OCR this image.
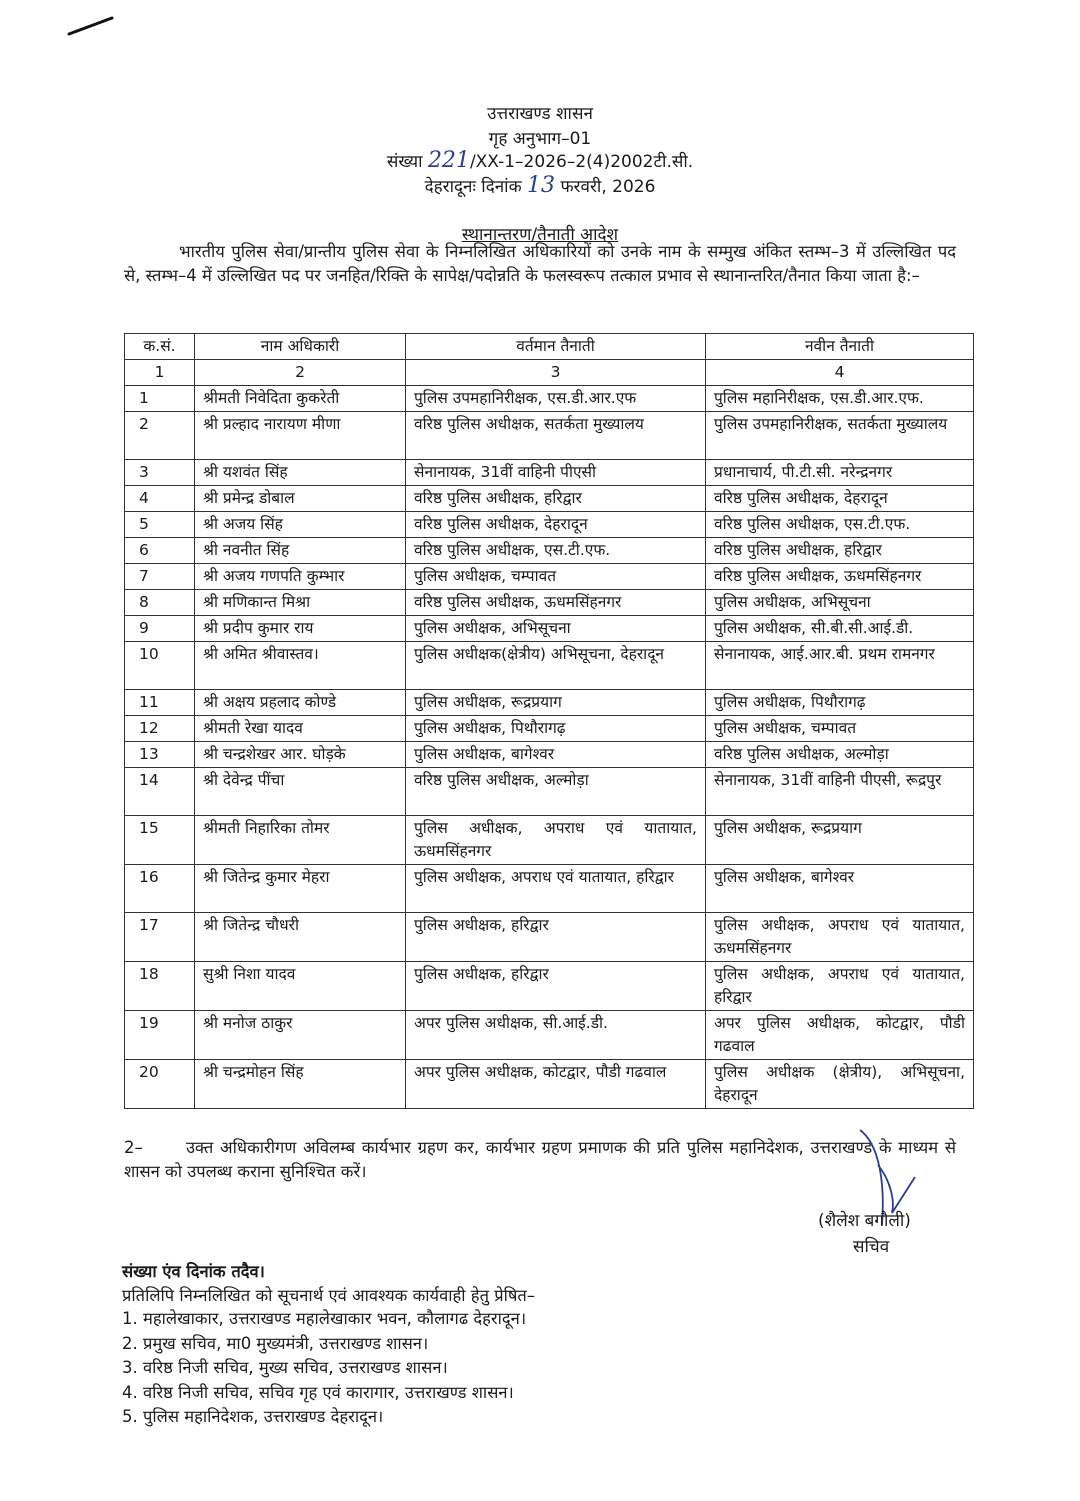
उत्तराखण्ड शासन
गृह अनुभाग–01
संख्या 221/XX-1–2026–2(4)2002टी.सी.
देहरादूनः दिनांक 13 फरवरी, 2026
स्थानान्तरण/तैनाती आदेश
भारतीय पुलिस सेवा/प्रान्तीय पुलिस सेवा के निम्नलिखित अधिकारियों को उनके नाम के सम्मुख अंकित स्तम्भ–3 में उल्लिखित पद से, स्तम्भ–4 में उल्लिखित पद पर जनहित/रिक्ति के सापेक्ष/पदोन्नति के फलस्वरूप तत्काल प्रभाव से स्थानान्तरित/तैनात किया जाता है:–
क.सं.	नाम अधिकारी	वर्तमान तैनाती	नवीन तैनाती
1	2	3	4
1	श्रीमती निवेदिता कुकरेती	पुलिस उपमहानिरीक्षक, एस.डी.आर.एफ	पुलिस महानिरीक्षक, एस.डी.आर.एफ.
2	श्री प्रल्हाद नारायण मीणा	वरिष्ठ पुलिस अधीक्षक, सतर्कता मुख्यालय	पुलिस उपमहानिरीक्षक, सतर्कता मुख्यालय
3	श्री यशवंत सिंह	सेनानायक, 31वीं वाहिनी पीएसी	प्रधानाचार्य, पी.टी.सी. नरेन्द्रनगर
4	श्री प्रमेन्द्र डोबाल	वरिष्ठ पुलिस अधीक्षक, हरिद्वार	वरिष्ठ पुलिस अधीक्षक, देहरादून
5	श्री अजय सिंह	वरिष्ठ पुलिस अधीक्षक, देहरादून	वरिष्ठ पुलिस अधीक्षक, एस.टी.एफ.
6	श्री नवनीत सिंह	वरिष्ठ पुलिस अधीक्षक, एस.टी.एफ.	वरिष्ठ पुलिस अधीक्षक, हरिद्वार
7	श्री अजय गणपति कुम्भार	पुलिस अधीक्षक, चम्पावत	वरिष्ठ पुलिस अधीक्षक, ऊधमसिंहनगर
8	श्री मणिकान्त मिश्रा	वरिष्ठ पुलिस अधीक्षक, ऊधमसिंहनगर	पुलिस अधीक्षक, अभिसूचना
9	श्री प्रदीप कुमार राय	पुलिस अधीक्षक, अभिसूचना	पुलिस अधीक्षक, सी.बी.सी.आई.डी.
10	श्री अमित श्रीवास्तव।	पुलिस अधीक्षक(क्षेत्रीय) अभिसूचना, देहरादून	सेनानायक, आई.आर.बी. प्रथम रामनगर
11	श्री अक्षय प्रहलाद कोण्डे	पुलिस अधीक्षक, रूद्रप्रयाग	पुलिस अधीक्षक, पिथौरागढ़
12	श्रीमती रेखा यादव	पुलिस अधीक्षक, पिथौरागढ़	पुलिस अधीक्षक, चम्पावत
13	श्री चन्द्रशेखर आर. घोड़के	पुलिस अधीक्षक, बागेश्वर	वरिष्ठ पुलिस अधीक्षक, अल्मोड़ा
14	श्री देवेन्द्र पींचा	वरिष्ठ पुलिस अधीक्षक, अल्मोड़ा	सेनानायक, 31वीं वाहिनी पीएसी, रूद्रपुर
15	श्रीमती निहारिका तोमर	पुलिस अधीक्षक, अपराध एवं यातायात, ऊधमसिंहनगर	पुलिस अधीक्षक, रूद्रप्रयाग
16	श्री जितेन्द्र कुमार मेहरा	पुलिस अधीक्षक, अपराध एवं यातायात, हरिद्वार	पुलिस अधीक्षक, बागेश्वर
17	श्री जितेन्द्र चौधरी	पुलिस अधीक्षक, हरिद्वार	पुलिस अधीक्षक, अपराध एवं यातायात, ऊधमसिंहनगर
18	सुश्री निशा यादव	पुलिस अधीक्षक, हरिद्वार	पुलिस अधीक्षक, अपराध एवं यातायात, हरिद्वार
19	श्री मनोज ठाकुर	अपर पुलिस अधीक्षक, सी.आई.डी.	अपर पुलिस अधीक्षक, कोटद्वार, पौडी गढवाल
20	श्री चन्द्रमोहन सिंह	अपर पुलिस अधीक्षक, कोटद्वार, पौडी गढवाल	पुलिस अधीक्षक (क्षेत्रीय), अभिसूचना, देहरादून
2–	उक्त अधिकारीगण अविलम्ब कार्यभार ग्रहण कर, कार्यभार ग्रहण प्रमाणक की प्रति पुलिस महानिदेशक, उत्तराखण्ड के माध्यम से शासन को उपलब्ध कराना सुनिश्चित करें।
(शैलेश बगौली)
सचिव
संख्या एंव दिनांक तदैव।
प्रतिलिपि निम्नलिखित को सूचनार्थ एवं आवश्यक कार्यवाही हेतु प्रेषित–
1. महालेखाकार, उत्तराखण्ड महालेखाकार भवन, कौलागढ देहरादून।
2. प्रमुख सचिव, मा0 मुख्यमंत्री, उत्तराखण्ड शासन।
3. वरिष्ठ निजी सचिव, मुख्य सचिव, उत्तराखण्ड शासन।
4. वरिष्ठ निजी सचिव, सचिव गृह एवं कारागार, उत्तराखण्ड शासन।
5. पुलिस महानिदेशक, उत्तराखण्ड देहरादून।
